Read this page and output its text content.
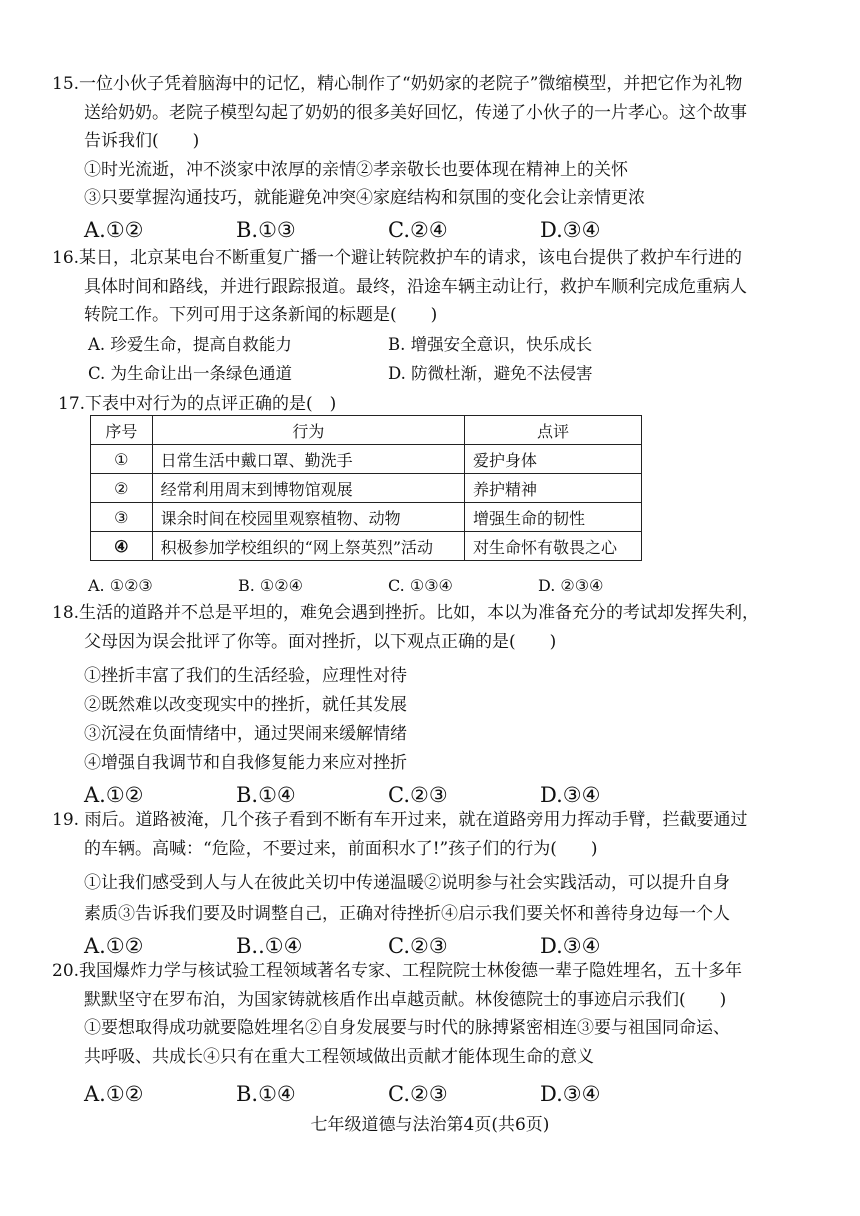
15.一位小伙子凭着脑海中的记忆，精心制作了“奶奶家的老院子”微缩模型，并把它作为礼物
送给奶奶。老院子模型勾起了奶奶的很多美好回忆，传递了小伙子的一片孝心。这个故事
告诉我们(　　)
①时光流逝，冲不淡家中浓厚的亲情②孝亲敬长也要体现在精神上的关怀
③只要掌握沟通技巧，就能避免冲突④家庭结构和氛围的变化会让亲情更浓
A.①②	B.①③	C.②④	D.③④
16.某日，北京某电台不断重复广播一个避让转院救护车的请求，该电台提供了救护车行进的
具体时间和路线，并进行跟踪报道。最终，沿途车辆主动让行，救护车顺利完成危重病人
转院工作。下列可用于这条新闻的标题是(　　)
A. 珍爱生命，提高自救能力	B. 增强安全意识，快乐成长
C. 为生命让出一条绿色通道	D. 防微杜渐，避免不法侵害
17.下表中对行为的点评正确的是(　)
序号	行为	点评
①	日常生活中戴口罩、勤洗手	爱护身体
②	经常利用周末到博物馆观展	养护精神
③	课余时间在校园里观察植物、动物	增强生命的韧性
④	积极参加学校组织的“网上祭英烈”活动	对生命怀有敬畏之心
A. ①②③	B. ①②④	C. ①③④	D. ②③④
18.生活的道路并不总是平坦的，难免会遇到挫折。比如，本以为准备充分的考试却发挥失利，
父母因为误会批评了你等。面对挫折，以下观点正确的是(　　)
①挫折丰富了我们的生活经验，应理性对待
②既然难以改变现实中的挫折，就任其发展
③沉浸在负面情绪中，通过哭闹来缓解情绪
④增强自我调节和自我修复能力来应对挫折
A.①②	B.①④	C.②③	D.③④
19. 雨后。道路被淹，几个孩子看到不断有车开过来，就在道路旁用力挥动手臂，拦截要通过
的车辆。高喊：“危险，不要过来，前面积水了!”孩子们的行为(　　)
①让我们感受到人与人在彼此关切中传递温暖②说明参与社会实践活动，可以提升自身
素质③告诉我们要及时调整自己，正确对待挫折④启示我们要关怀和善待身边每一个人
A.①②	B..①④	C.②③	D.③④
20.我国爆炸力学与核试验工程领域著名专家、工程院院士林俊德一辈子隐姓埋名，五十多年
默默坚守在罗布泊，为国家铸就核盾作出卓越贡献。林俊德院士的事迹启示我们(　　)
①要想取得成功就要隐姓埋名②自身发展要与时代的脉搏紧密相连③要与祖国同命运、
共呼吸、共成长④只有在重大工程领域做出贡献才能体现生命的意义
A.①②	B.①④	C.②③	D.③④
七年级道德与法治第4页(共6页)
